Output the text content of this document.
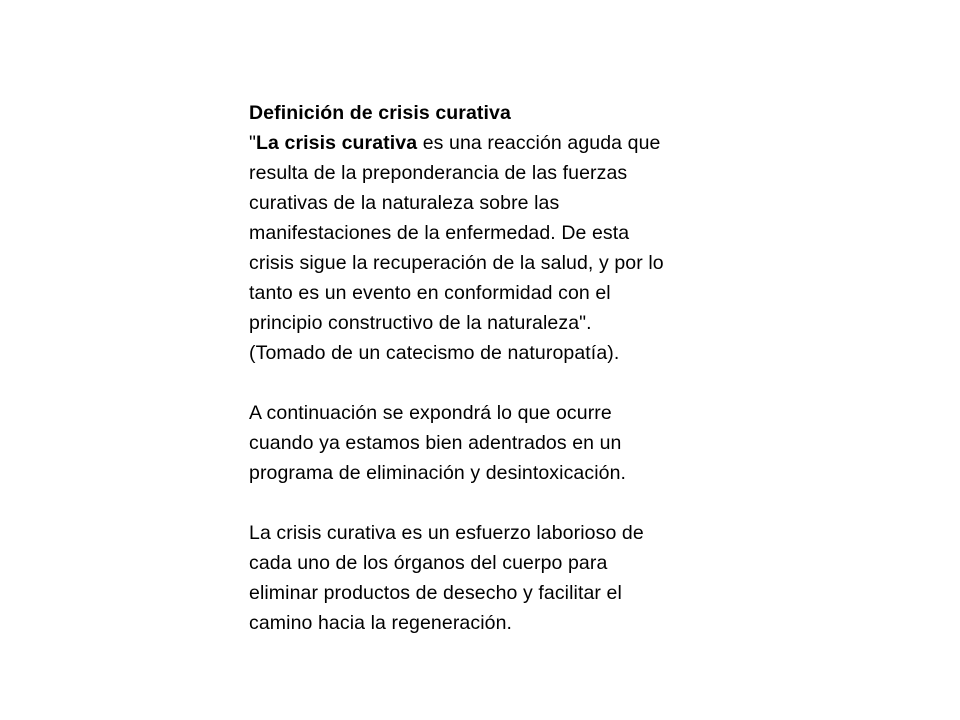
Definición de crisis curativa
"La crisis curativa es una reacción aguda que
resulta de la preponderancia de las fuerzas
curativas de la naturaleza sobre las
manifestaciones de la enfermedad. De esta
crisis sigue la recuperación de la salud, y por lo
tanto es un evento en conformidad con el
principio constructivo de la naturaleza".
(Tomado de un catecismo de naturopatía).
A continuación se expondrá lo que ocurre
cuando ya estamos bien adentrados en un
programa de eliminación y desintoxicación.
La crisis curativa es un esfuerzo laborioso de
cada uno de los órganos del cuerpo para
eliminar productos de desecho y facilitar el
camino hacia la regeneración.
